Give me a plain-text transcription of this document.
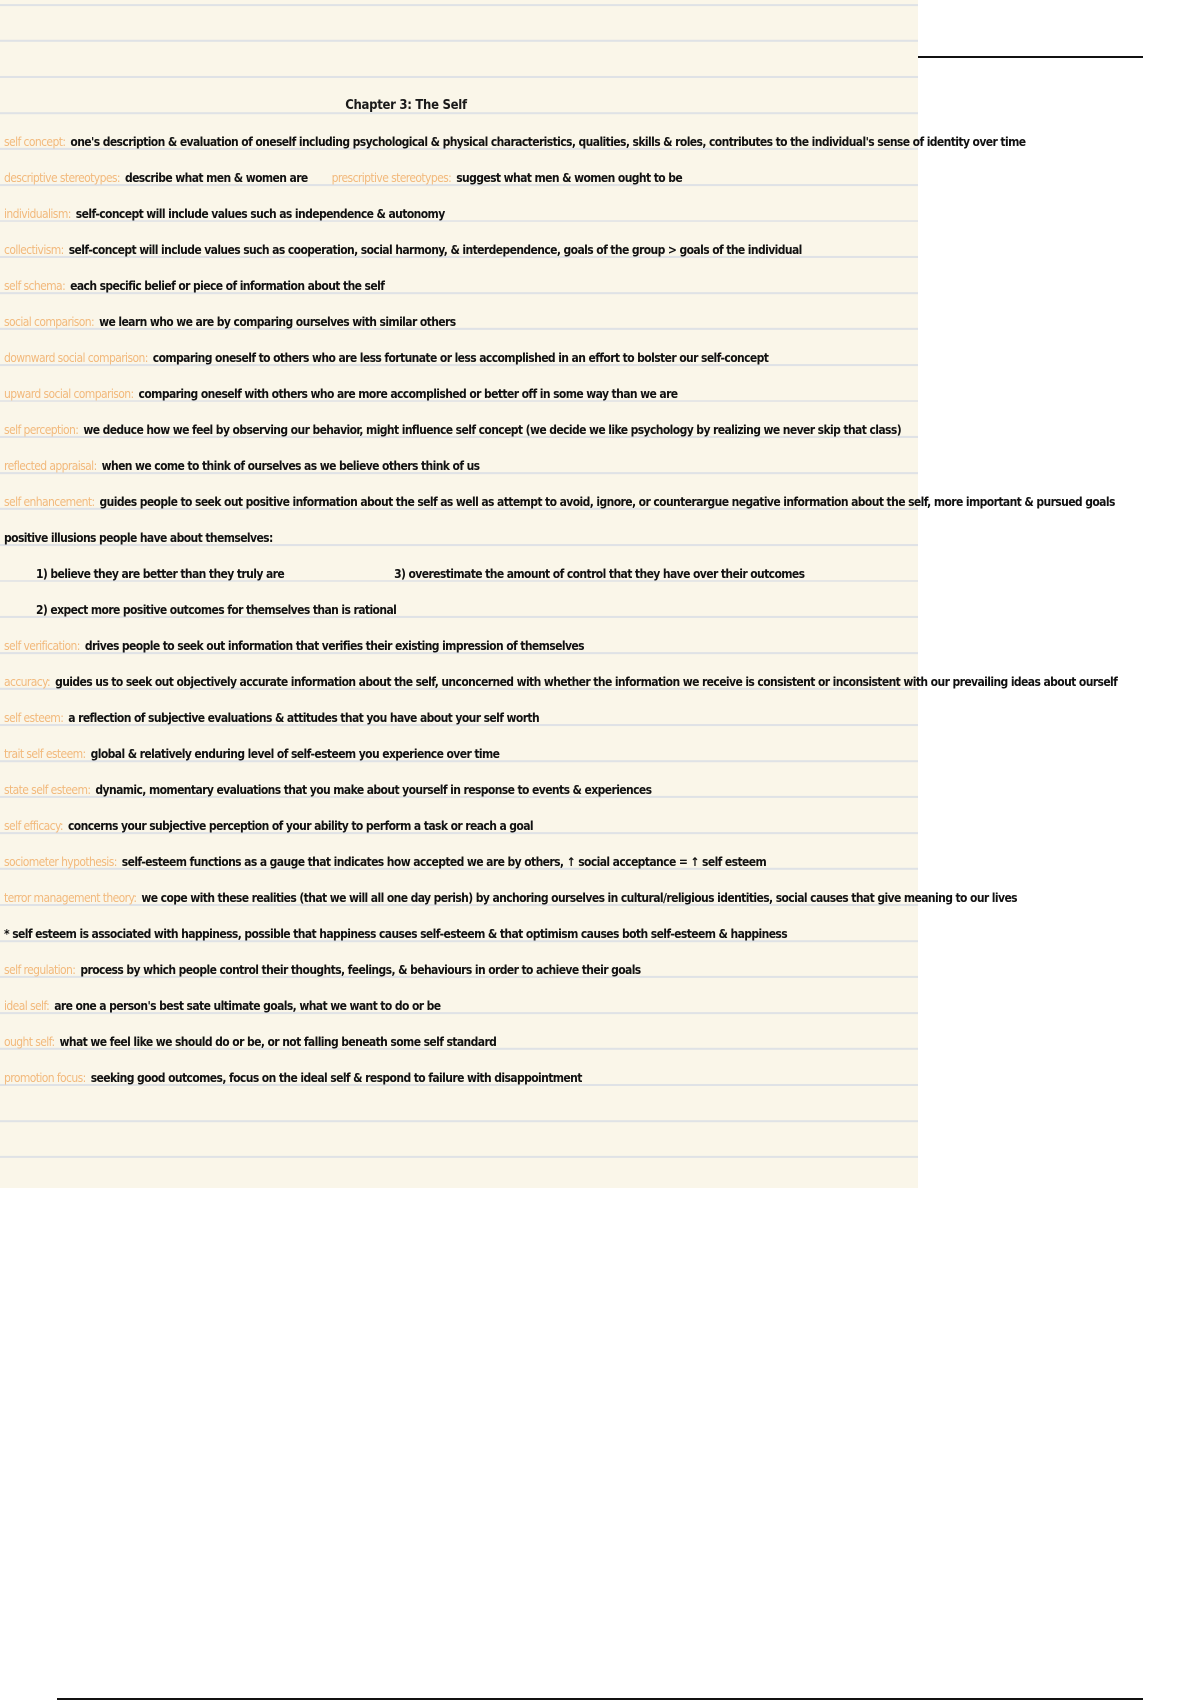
Chapter 3: The Self
self concept: one's description & evaluation of oneself including psychological & physical characteristics, qualities, skills & roles, contributes to the individual's sense of identity over time
descriptive stereotypes: describe what men & women are prescriptive stereotypes: suggest what men & women ought to be
individualism: self-concept will include values such as independence & autonomy
collectivism: self-concept will include values such as cooperation, social harmony, & interdependence, goals of the group > goals of the individual
self schema: each specific belief or piece of information about the self
social comparison: we learn who we are by comparing ourselves with similar others
downward social comparison: comparing oneself to others who are less fortunate or less accomplished in an effort to bolster our self-concept
upward social comparison: comparing oneself with others who are more accomplished or better off in some way than we are
self perception: we deduce how we feel by observing our behavior, might influence self concept (we decide we like psychology by realizing we never skip that class)
reflected appraisal: when we come to think of ourselves as we believe others think of us
self enhancement: guides people to seek out positive information about the self as well as attempt to avoid, ignore, or counterargue negative information about the self, more important & pursued goals
positive illusions people have about themselves:
1) believe they are better than they truly are	3) overestimate the amount of control that they have over their outcomes
2) expect more positive outcomes for themselves than is rational
self verification: drives people to seek out information that verifies their existing impression of themselves
accuracy: guides us to seek out objectively accurate information about the self, unconcerned with whether the information we receive is consistent or inconsistent with our prevailing ideas about ourself
self esteem: a reflection of subjective evaluations & attitudes that you have about your self worth
trait self esteem: global & relatively enduring level of self-esteem you experience over time
state self esteem: dynamic, momentary evaluations that you make about yourself in response to events & experiences
self efficacy: concerns your subjective perception of your ability to perform a task or reach a goal
sociometer hypothesis: self-esteem functions as a gauge that indicates how accepted we are by others, ↑ social acceptance = ↑ self esteem
terror management theory: we cope with these realities (that we will all one day perish) by anchoring ourselves in cultural/religious identities, social causes that give meaning to our lives
* self esteem is associated with happiness, possible that happiness causes self-esteem & that optimism causes both self-esteem & happiness
self regulation: process by which people control their thoughts, feelings, & behaviours in order to achieve their goals
ideal self: are one a person's best sate ultimate goals, what we want to do or be
ought self: what we feel like we should do or be, or not falling beneath some self standard
promotion focus: seeking good outcomes, focus on the ideal self & respond to failure with disappointment
